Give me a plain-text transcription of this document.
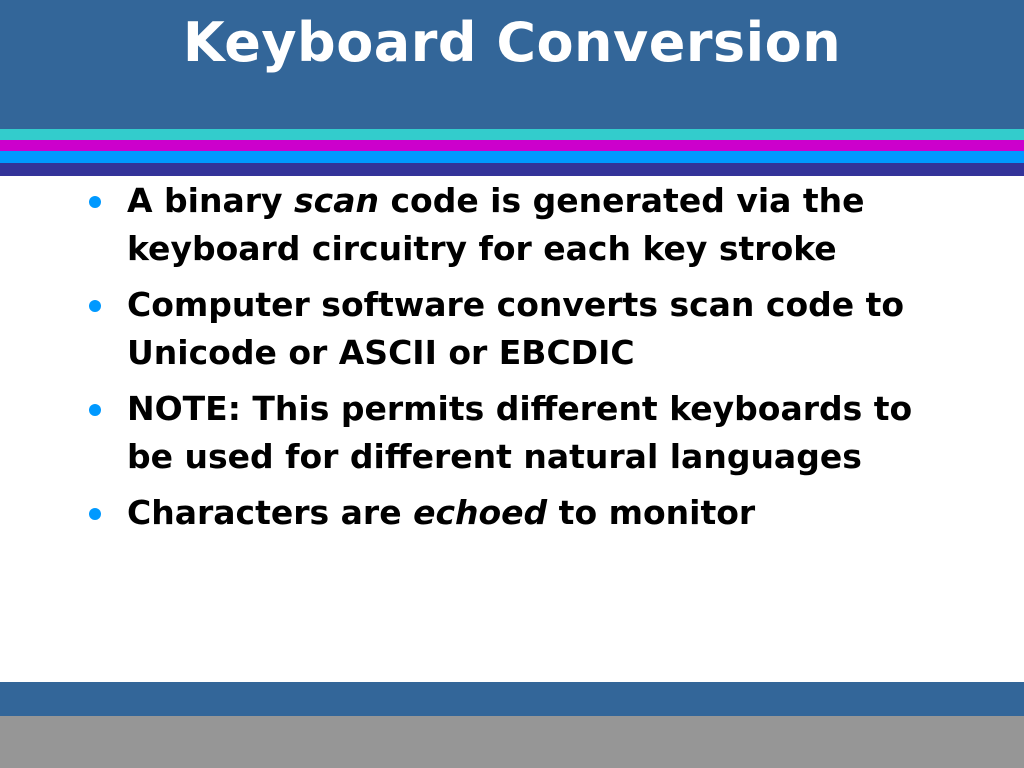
Keyboard Conversion
A binary scan code is generated via the keyboard circuitry for each key stroke
Computer software converts scan code to Unicode or ASCII or EBCDIC
NOTE: This permits different keyboards to be used for different natural languages
Characters are echoed to monitor
